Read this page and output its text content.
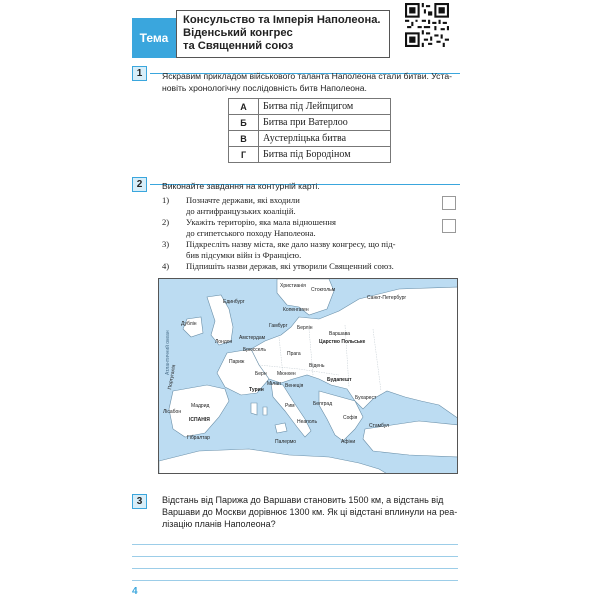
Тема
Консульство та Імперія Наполеона.
Віденський конгрес
та Священний союз
1	Яскравим прикладом військового таланта Наполеона стали битви. Уста-
новіть хронологічну послідовність битв Наполеона.
А	Битва під Лейпцигом
Б	Битва при Ватерлоо
В	Аустерліцька битва
Г	Битва під Бородіном
2	Виконайте завдання на контурній карті.
1) Позначте держави, які входили
до антифранцузьких коаліцій.
2) Укажіть територію, яка мала відношення
до єгипетського походу Наполеона.
3) Підкресліть назву міста, яке дало назву конгресу, що під-
бив підсумки війн із Францією.
4) Підпишіть назви держав, які утворили Священний союз.
Христианія
Стокгольм
Санкт-Петербург
Единбург
Копенгаген
Дублін	Гамбург Берлін
Варшава
Царство Польське
Амстердам
Лондон
Брюссель
Прага
Відень
Париж
Берн Мюнхен
Будапешт
Мілан
Турин
Венеція
Белград
Бухарест
Лісабон
Мадрид
ІСПАНІЯ
Гібралтар
Рим
Неаполь
Палермо
Софія
Стамбул
Афіни
Португалія
Атлантичний океан
3	Відстань від Парижа до Варшави становить 1500 км, а відстань від
Варшави до Москви дорівнює 1300 км. Як ці відстані вплинули на реа-
лізацію планів Наполеона?
4
